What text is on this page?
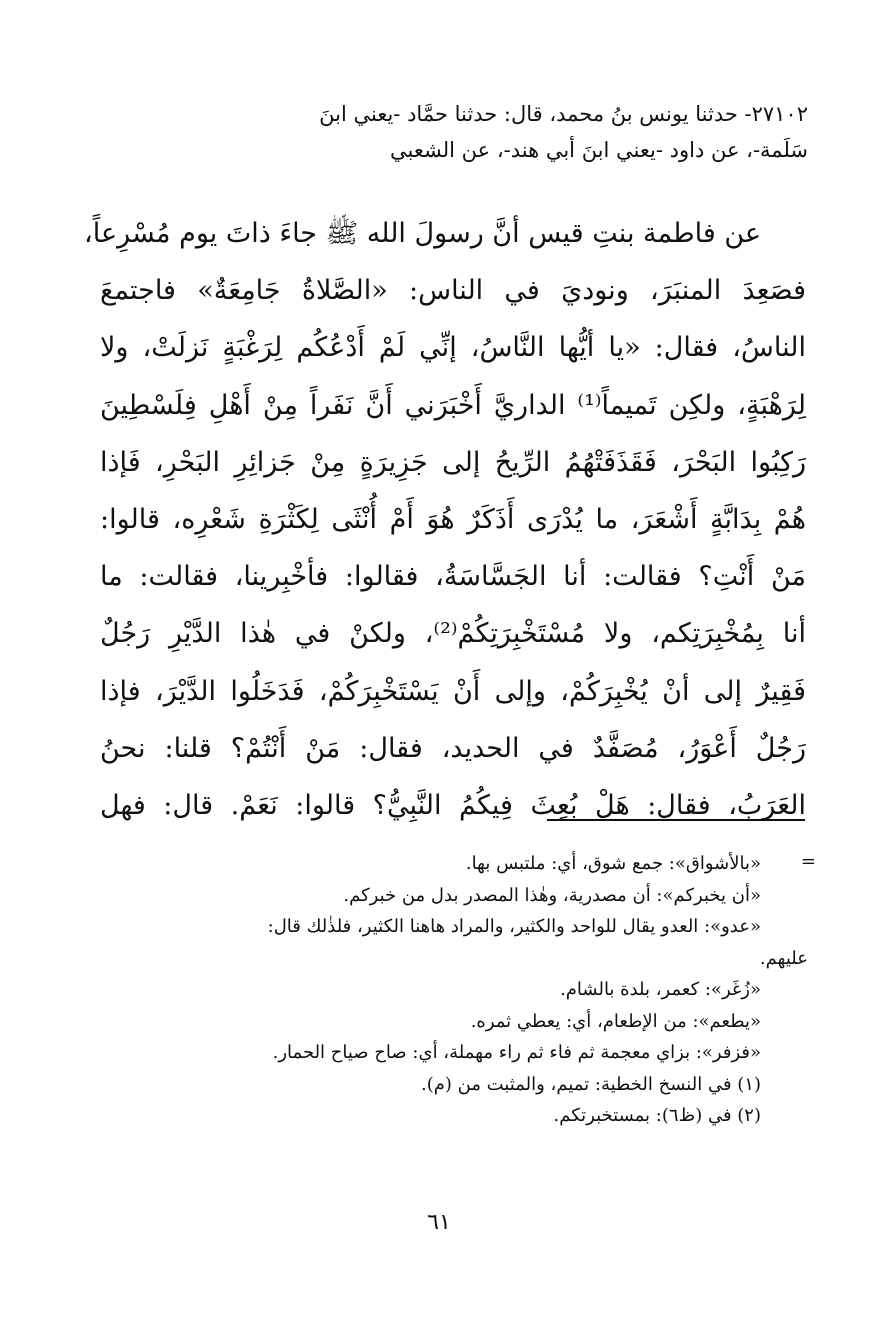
٢٧١٠٢- حدثنا يونس بنُ محمد، قال: حدثنا حمَّاد -يعني ابنَ
سَلَمة-، عن داود -يعني ابنَ أبي هند-، عن الشعبي
عن فاطمة بنتِ قيس أنَّ رسولَ الله ﷺ جاءَ ذاتَ يوم مُسْرِعاً،
فصَعِدَ المنبَرَ، ونوديَ في الناس: «الصَّلاةُ جَامِعَةٌ» فاجتمعَ
الناسُ، فقال: «يا أيُّها النَّاسُ، إنِّي لَمْ أَدْعُكُم لِرَغْبَةٍ نَزلَتْ، ولا
لِرَهْبَةٍ، ولكِن تَميماً⁽¹⁾ الداريَّ أَخْبَرَني أَنَّ نَفَراً مِنْ أَهْلِ فِلَسْطِينَ
رَكِبُوا البَحْرَ، فَقَذَفَتْهُمُ الرِّيحُ إلى جَزِيرَةٍ مِنْ جَزائِرِ البَحْرِ، فَإذا
هُمْ بِدَابَّةٍ أَشْعَرَ، ما يُدْرَى أَذَكَرٌ هُوَ أَمْ أُنْثَى لِكَثْرَةِ شَعْرِه، قالوا:
مَنْ أَنْتِ؟ فقالت: أنا الجَسَّاسَةُ، فقالوا: فأخْبِرينا، فقالت: ما
أنا بِمُخْبِرَتِكم، ولا مُسْتَخْبِرَتِكُمْ⁽²⁾، ولكنْ في هٰذا الدَّيْرِ رَجُلٌ
فَقِيرٌ إلى أنْ يُخْبِرَكُمْ، وإلى أَنْ يَسْتَخْبِرَكُمْ، فَدَخَلُوا الدَّيْرَ، فإذا
رَجُلٌ أَعْوَرُ، مُصَفَّدٌ في الحديد، فقال: مَنْ أَنْتُمْ؟ قلنا: نحنُ
العَرَبُ، فقال: هَلْ بُعِثَ فِيكُمُ النَّبِيُّ؟ قالوا: نَعَمْ. قال: فهل
=
«بالأشواق»: جمع شوق، أي: ملتبس بها.
«أن يخبركم»: أن مصدرية، وهٰذا المصدر بدل من خبركم.
«عدو»: العدو يقال للواحد والكثير، والمراد هاهنا الكثير، فلذٰلك قال:
عليهم.
«زُغَر»: كعمر، بلدة بالشام.
«يطعم»: من الإطعام، أي: يعطي ثمره.
«فزفر»: بزاي معجمة ثم فاء ثم راء مهملة، أي: صاح صياح الحمار.
(١) في النسخ الخطية: تميم، والمثبت من (م).
(٢) في (ظ٦): بمستخبرتكم.
٦١
